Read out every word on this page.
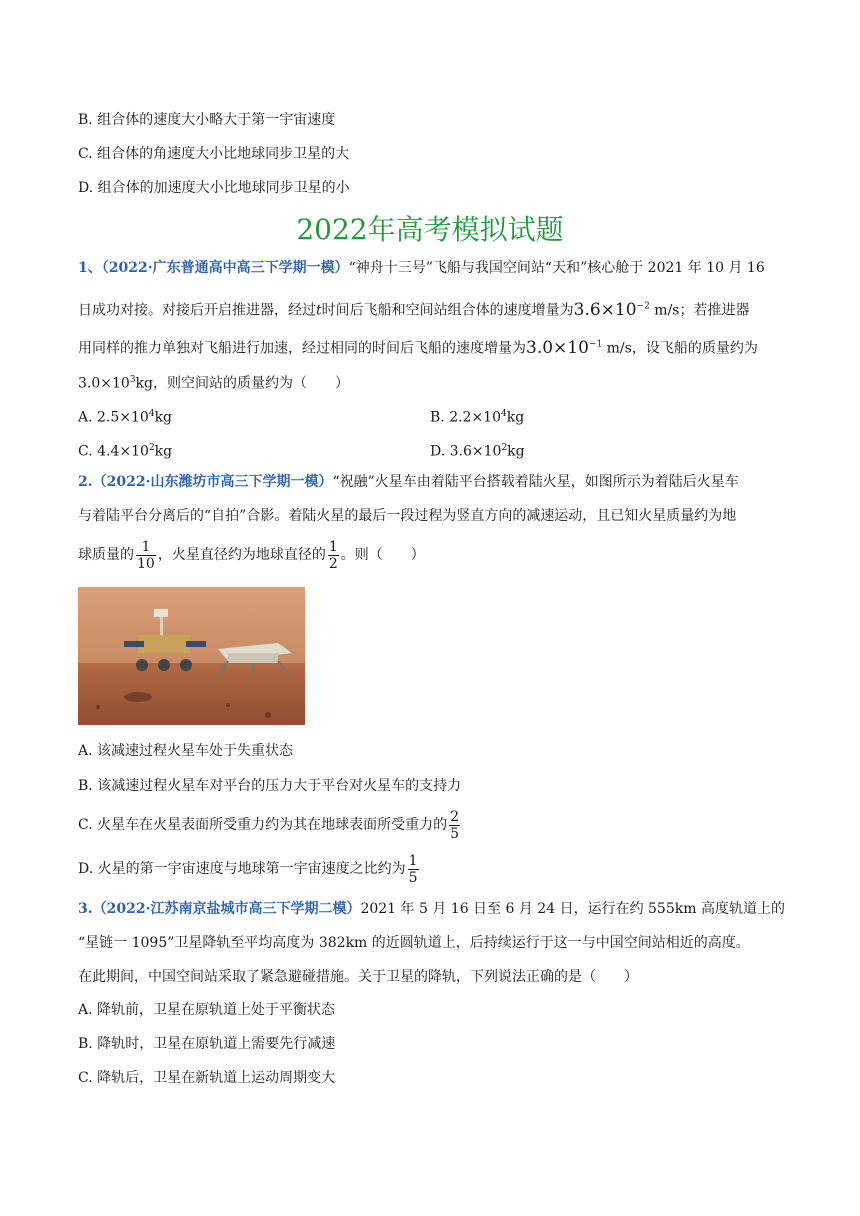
B. 组合体的速度大小略大于第一宇宙速度
C. 组合体的角速度大小比地球同步卫星的大
D. 组合体的加速度大小比地球同步卫星的小
2022年高考模拟试题
1、（2022·广东普通高中高三下学期一模）“神舟十三号”飞船与我国空间站“天和”核心舱于 2021 年 10 月 16
日成功对接。对接后开启推进器，经过t时间后飞船和空间站组合体的速度增量为$3.6\times 10^{-2}$ m/s；若推进器
用同样的推力单独对飞船进行加速，经过相同的时间后飞船的速度增量为$3.0\times 10^{-1}$ m/s，设飞船的质量约为
$3.0\times 10^3kg$，则空间站的质量约为（　　）
A. $2.5\times 10^4kg$	B. $2.2\times 10^4kg$
C. $4.4\times 10^2kg$	D. $3.6\times 10^2kg$
2.（2022·山东潍坊市高三下学期一模）“祝融”火星车由着陆平台搭载着陆火星，如图所示为着陆后火星车
与着陆平台分离后的“自拍”合影。着陆火星的最后一段过程为竖直方向的减速运动，且已知火星质量约为地
球质量的 $\frac{1}{10}$ ，火星直径约为地球直径的 $\frac{1}{2}$ 。则（　　）
A. 该减速过程火星车处于失重状态
B. 该减速过程火星车对平台的压力大于平台对火星车的支持力
C. 火星车在火星表面所受重力约为其在地球表面所受重力的 $\frac{2}{5}$
D. 火星的第一宇宙速度与地球第一宇宙速度之比约为 $\frac{1}{5}$
3.（2022·江苏南京盐城市高三下学期二模）2021 年 5 月 16 日至 6 月 24 日，运行在约 555km 高度轨道上的
“星链一 1095”卫星降轨至平均高度为 382km 的近圆轨道上，后持续运行于这一与中国空间站相近的高度。
在此期间，中国空间站采取了紧急避碰措施。关于卫星的降轨，下列说法正确的是（　　）
A. 降轨前，卫星在原轨道上处于平衡状态
B. 降轨时，卫星在原轨道上需要先行减速
C. 降轨后，卫星在新轨道上运动周期变大
